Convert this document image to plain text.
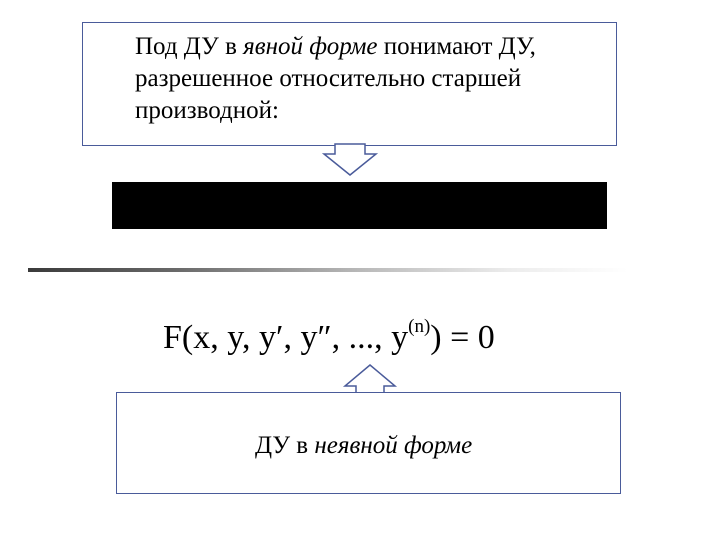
Под ДУ в явной форме понимают ДУ,
разрешенное относительно старшей
производной:
F(x, y, y′, y″, ..., $y^{(n)}) = 0$
ДУ в неявной форме
